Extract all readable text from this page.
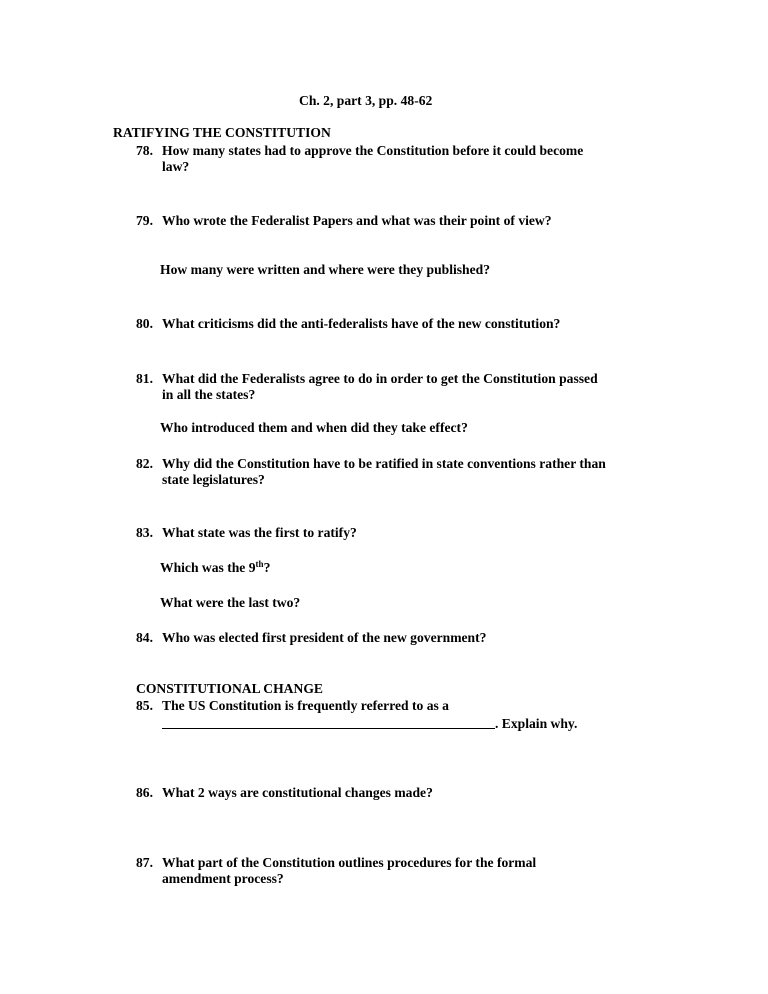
Ch. 2, part 3, pp. 48-62
RATIFYING THE CONSTITUTION
78. How many states had to approve the Constitution before it could become
law?
79. Who wrote the Federalist Papers and what was their point of view?
How many were written and where were they published?
80. What criticisms did the anti-federalists have of the new constitution?
81. What did the Federalists agree to do in order to get the Constitution passed
in all the states?
Who introduced them and when did they take effect?
82. Why did the Constitution have to be ratified in state conventions rather than
state legislatures?
83. What state was the first to ratify?
Which was the 9th?
What were the last two?
84. Who was elected first president of the new government?
CONSTITUTIONAL CHANGE
85. The US Constitution is frequently referred to as a
. Explain why.
86. What 2 ways are constitutional changes made?
87. What part of the Constitution outlines procedures for the formal
amendment process?
